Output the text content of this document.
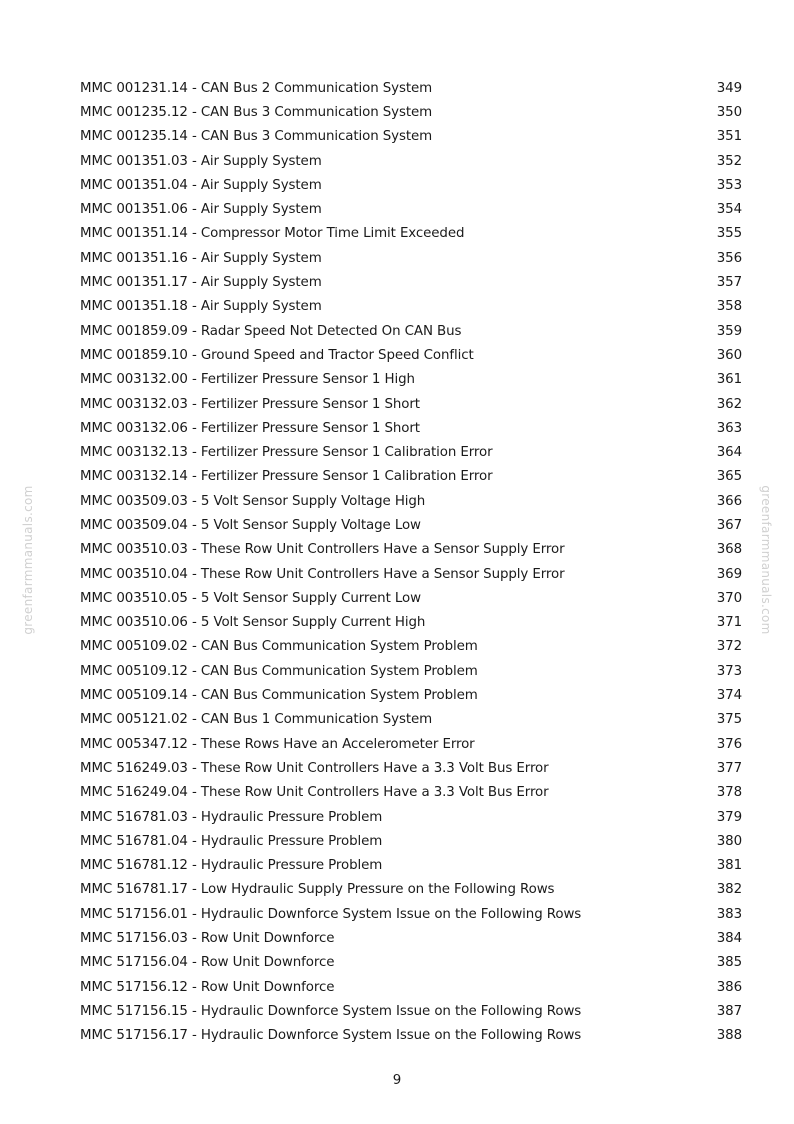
MMC 001231.14 - CAN Bus 2 Communication System	349
MMC 001235.12 - CAN Bus 3 Communication System	350
MMC 001235.14 - CAN Bus 3 Communication System	351
MMC 001351.03 - Air Supply System	352
MMC 001351.04 - Air Supply System	353
MMC 001351.06 - Air Supply System	354
MMC 001351.14 - Compressor Motor Time Limit Exceeded	355
MMC 001351.16 - Air Supply System	356
MMC 001351.17 - Air Supply System	357
MMC 001351.18 - Air Supply System	358
MMC 001859.09 - Radar Speed Not Detected On CAN Bus	359
MMC 001859.10 - Ground Speed and Tractor Speed Conflict	360
MMC 003132.00 - Fertilizer Pressure Sensor 1 High	361
MMC 003132.03 - Fertilizer Pressure Sensor 1 Short	362
MMC 003132.06 - Fertilizer Pressure Sensor 1 Short	363
MMC 003132.13 - Fertilizer Pressure Sensor 1 Calibration Error	364
MMC 003132.14 - Fertilizer Pressure Sensor 1 Calibration Error	365
MMC 003509.03 - 5 Volt Sensor Supply Voltage High	366
MMC 003509.04 - 5 Volt Sensor Supply Voltage Low	367
MMC 003510.03 - These Row Unit Controllers Have a Sensor Supply Error	368
MMC 003510.04 - These Row Unit Controllers Have a Sensor Supply Error	369
MMC 003510.05 - 5 Volt Sensor Supply Current Low	370
MMC 003510.06 - 5 Volt Sensor Supply Current High	371
MMC 005109.02 - CAN Bus Communication System Problem	372
MMC 005109.12 - CAN Bus Communication System Problem	373
MMC 005109.14 - CAN Bus Communication System Problem	374
MMC 005121.02 - CAN Bus 1 Communication System	375
MMC 005347.12 - These Rows Have an Accelerometer Error	376
MMC 516249.03 - These Row Unit Controllers Have a 3.3 Volt Bus Error	377
MMC 516249.04 - These Row Unit Controllers Have a 3.3 Volt Bus Error	378
MMC 516781.03 - Hydraulic Pressure Problem	379
MMC 516781.04 - Hydraulic Pressure Problem	380
MMC 516781.12 - Hydraulic Pressure Problem	381
MMC 516781.17 - Low Hydraulic Supply Pressure on the Following Rows	382
MMC 517156.01 - Hydraulic Downforce System Issue on the Following Rows	383
MMC 517156.03 - Row Unit Downforce	384
MMC 517156.04 - Row Unit Downforce	385
MMC 517156.12 - Row Unit Downforce	386
MMC 517156.15 - Hydraulic Downforce System Issue on the Following Rows	387
MMC 517156.17 - Hydraulic Downforce System Issue on the Following Rows	388
9
greenfarmmanuals.com	greenfarmmanuals.com
